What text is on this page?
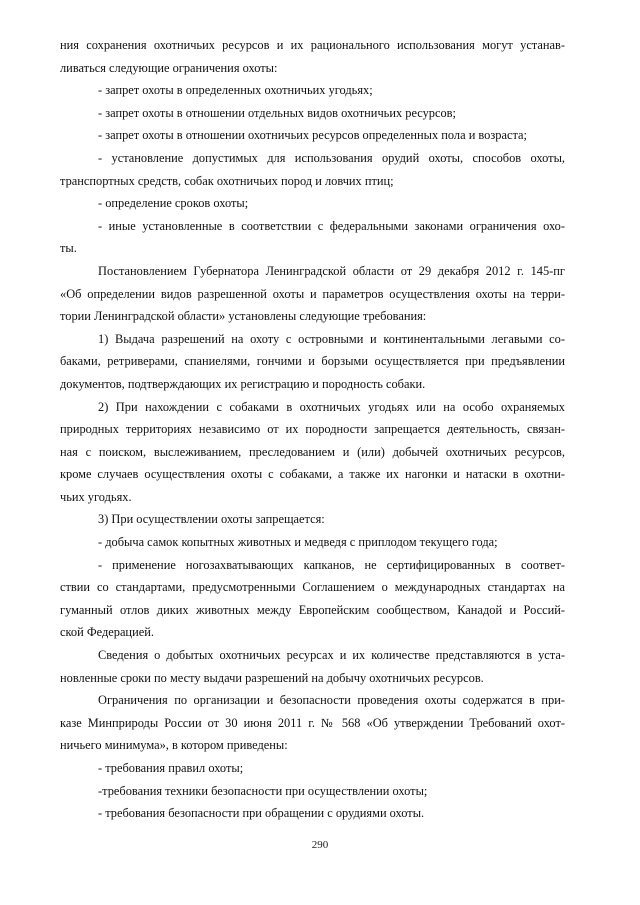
ния сохранения охотничьих ресурсов и их рационального использования могут устанав-
ливаться следующие ограничения охоты:
- запрет охоты в определенных охотничьих угодьях;
- запрет охоты в отношении отдельных видов охотничьих ресурсов;
- запрет охоты в отношении охотничьих ресурсов определенных пола и возраста;
- установление допустимых для использования орудий охоты, способов охоты,
транспортных средств, собак охотничьих пород и ловчих птиц;
- определение сроков охоты;
- иные установленные в соответствии с федеральными законами ограничения охо-
ты.
Постановлением Губернатора Ленинградской области от 29 декабря 2012 г. 145-пг
«Об определении видов разрешенной охоты и параметров осуществления охоты на терри-
тории Ленинградской области» установлены следующие требования:
1) Выдача разрешений на охоту с островными и континентальными легавыми со-
баками, ретриверами, спаниелями, гончими и борзыми осуществляется при предъявлении
документов, подтверждающих их регистрацию и породность собаки.
2) При нахождении с собаками в охотничьих угодьях или на особо охраняемых
природных территориях независимо от их породности запрещается деятельность, связан-
ная с поиском, выслеживанием, преследованием и (или) добычей охотничьих ресурсов,
кроме случаев осуществления охоты с собаками, а также их нагонки и натаски в охотни-
чьих угодьях.
3) При осуществлении охоты запрещается:
- добыча самок копытных животных и медведя с приплодом текущего года;
- применение ногозахватывающих капканов, не сертифицированных в соответ-
ствии со стандартами, предусмотренными Соглашением о международных стандартах на
гуманный отлов диких животных между Европейским сообществом, Канадой и Россий-
ской Федерацией.
Сведения о добытых охотничьих ресурсах и их количестве представляются в уста-
новленные сроки по месту выдачи разрешений на добычу охотничьих ресурсов.
Ограничения по организации и безопасности проведения охоты содержатся в при-
казе Минприроды России от 30 июня 2011 г. № 568 «Об утверждении Требований охот-
ничьего минимума», в котором приведены:
- требования правил охоты;
-требования техники безопасности при осуществлении охоты;
- требования безопасности при обращении с орудиями охоты.
290
